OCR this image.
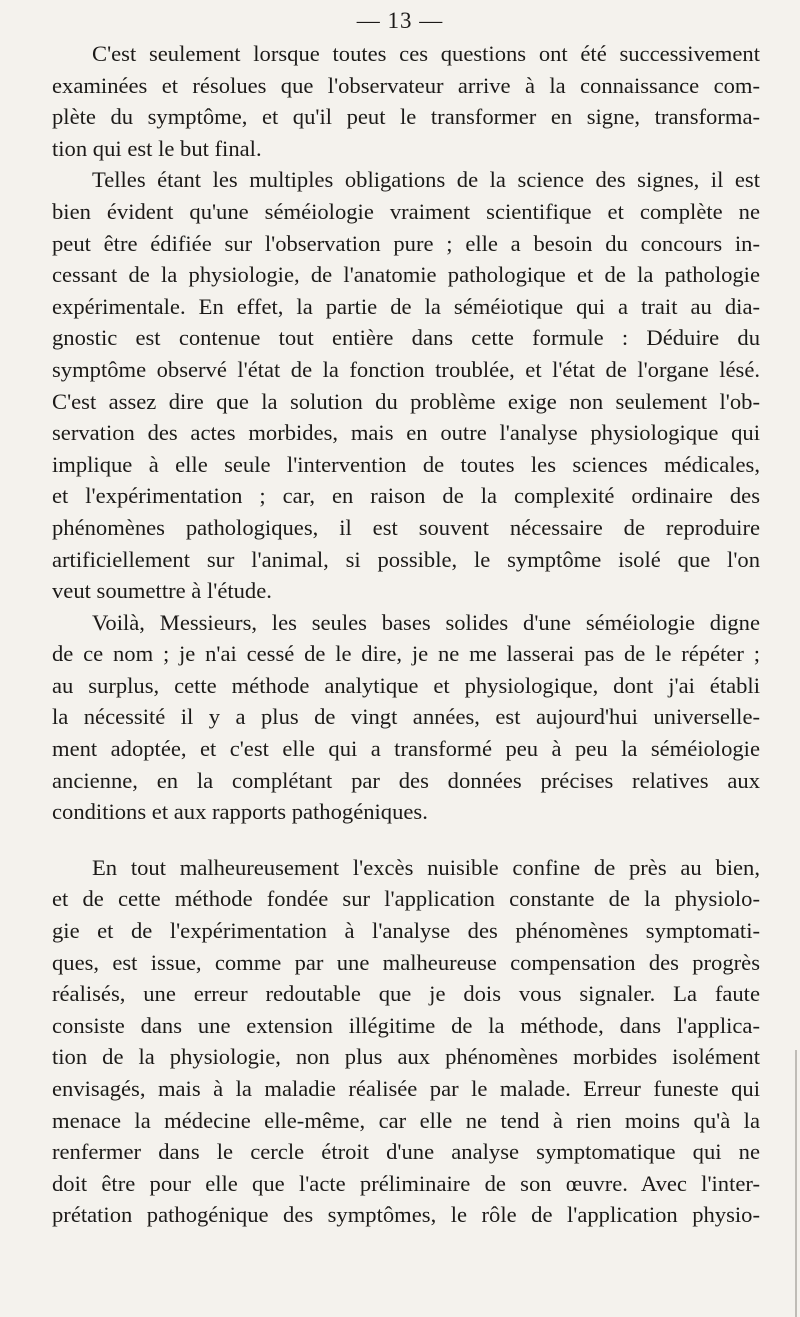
— 13 —
C'est seulement lorsque toutes ces questions ont été successivement
examinées et résolues que l'observateur arrive à la connaissance com-
plète du symptôme, et qu'il peut le transformer en signe, transforma-
tion qui est le but final.
Telles étant les multiples obligations de la science des signes, il est
bien évident qu'une séméiologie vraiment scientifique et complète ne
peut être édifiée sur l'observation pure ; elle a besoin du concours in-
cessant de la physiologie, de l'anatomie pathologique et de la pathologie
expérimentale. En effet, la partie de la séméiotique qui a trait au dia-
gnostic est contenue tout entière dans cette formule : Déduire du
symptôme observé l'état de la fonction troublée, et l'état de l'organe lésé.
C'est assez dire que la solution du problème exige non seulement l'ob-
servation des actes morbides, mais en outre l'analyse physiologique qui
implique à elle seule l'intervention de toutes les sciences médicales,
et l'expérimentation ; car, en raison de la complexité ordinaire des
phénomènes pathologiques, il est souvent nécessaire de reproduire
artificiellement sur l'animal, si possible, le symptôme isolé que l'on
veut soumettre à l'étude.
Voilà, Messieurs, les seules bases solides d'une séméiologie digne
de ce nom ; je n'ai cessé de le dire, je ne me lasserai pas de le répéter ;
au surplus, cette méthode analytique et physiologique, dont j'ai établi
la nécessité il y a plus de vingt années, est aujourd'hui universelle-
ment adoptée, et c'est elle qui a transformé peu à peu la séméiologie
ancienne, en la complétant par des données précises relatives aux
conditions et aux rapports pathogéniques.
En tout malheureusement l'excès nuisible confine de près au bien,
et de cette méthode fondée sur l'application constante de la physiolo-
gie et de l'expérimentation à l'analyse des phénomènes symptomati-
ques, est issue, comme par une malheureuse compensation des progrès
réalisés, une erreur redoutable que je dois vous signaler. La faute
consiste dans une extension illégitime de la méthode, dans l'applica-
tion de la physiologie, non plus aux phénomènes morbides isolément
envisagés, mais à la maladie réalisée par le malade. Erreur funeste qui
menace la médecine elle-même, car elle ne tend à rien moins qu'à la
renfermer dans le cercle étroit d'une analyse symptomatique qui ne
doit être pour elle que l'acte préliminaire de son œuvre. Avec l'inter-
prétation pathogénique des symptômes, le rôle de l'application physio-
